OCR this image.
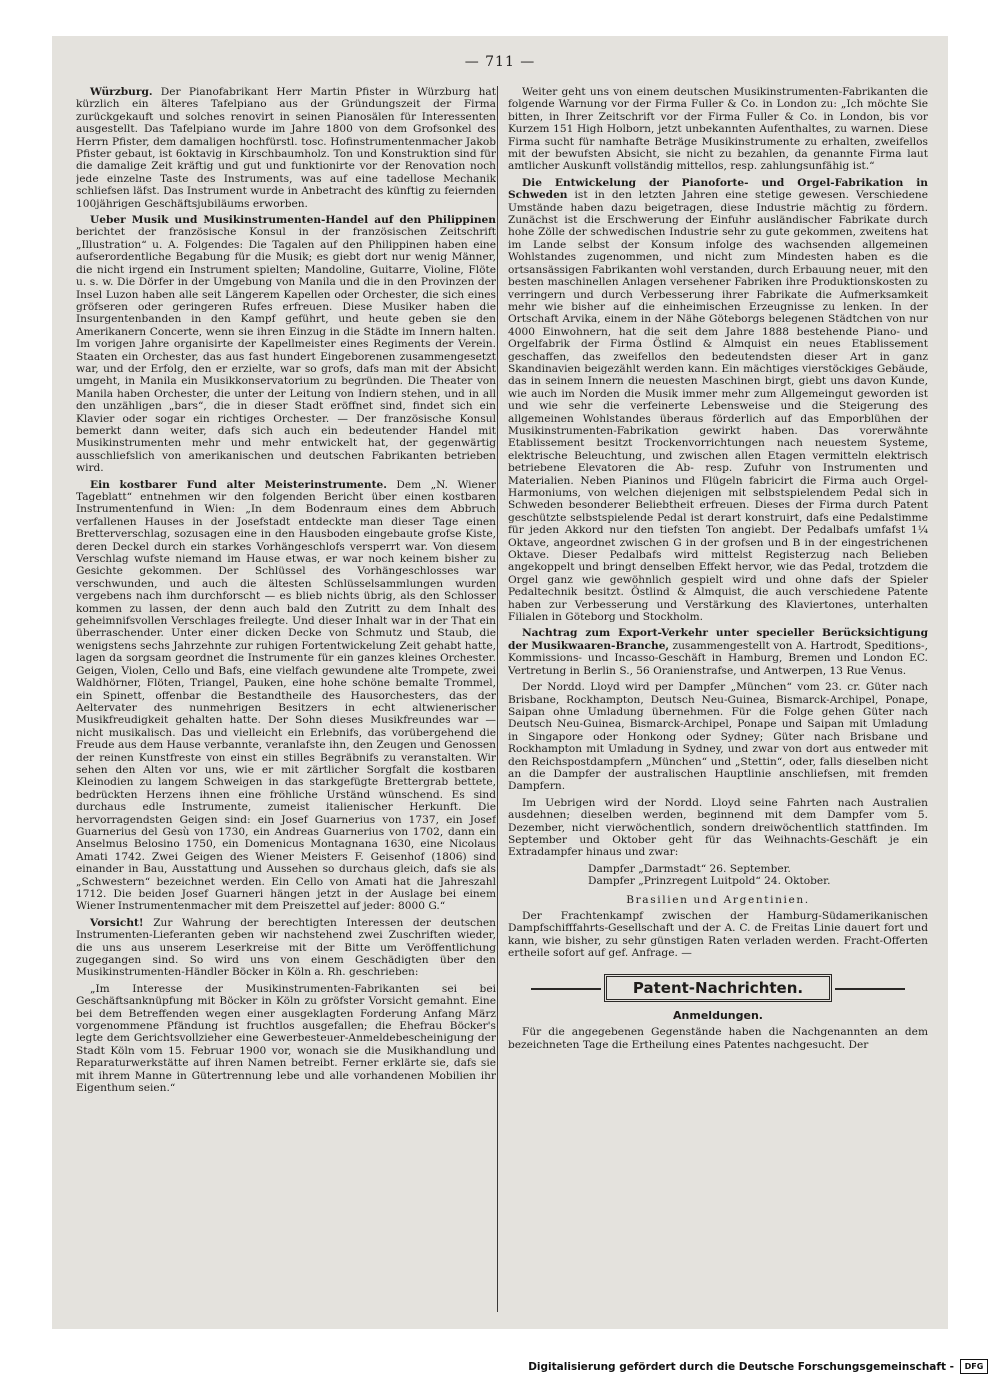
— 711 —

Würzburg. Der Pianofabrikant Herr Martin Pfister in Würzburg hat kürzlich ein älteres Tafelpiano aus der Gründungszeit der Firma zurückgekauft und solches renovirt in seinen Pianosälen für Interessenten ausgestellt. Das Tafelpiano wurde im Jahre 1800 von dem Grofsonkel des Herrn Pfister, dem damaligen hochfürstl. tosc. Hofinstrumentenmacher Jakob Pfister gebaut, ist 6oktavig in Kirschbaumholz. Ton und Konstruktion sind für die damalige Zeit kräftig und gut und funktionirte vor der Renovation noch jede einzelne Taste des Instruments, was auf eine tadellose Mechanik schliefsen läfst. Das Instrument wurde in Anbetracht des künftig zu feiernden 100jährigen Geschäftsjubiläums erworben.

Ueber Musik und Musikinstrumenten-Handel auf den Philippinen berichtet der französische Konsul in der französischen Zeitschrift „Illustration“ u. A. Folgendes: Die Tagalen auf den Philippinen haben eine aufserordentliche Begabung für die Musik; es giebt dort nur wenig Männer, die nicht irgend ein Instrument spielten; Mandoline, Guitarre, Violine, Flöte u. s. w. Die Dörfer in der Umgebung von Manila und die in den Provinzen der Insel Luzon haben alle seit Längerem Kapellen oder Orchester, die sich eines gröfseren oder geringeren Rufes erfreuen. Diese Musiker haben die Insurgentenbanden in den Kampf geführt, und heute geben sie den Amerikanern Concerte, wenn sie ihren Einzug in die Städte im Innern halten. Im vorigen Jahre organisirte der Kapellmeister eines Regiments der Verein. Staaten ein Orchester, das aus fast hundert Eingeborenen zusammengesetzt war, und der Erfolg, den er erzielte, war so grofs, dafs man mit der Absicht umgeht, in Manila ein Musikkonservatorium zu begründen. Die Theater von Manila haben Orchester, die unter der Leitung von Indiern stehen, und in all den unzähligen „bars“, die in dieser Stadt eröffnet sind, findet sich ein Klavier oder sogar ein richtiges Orchester. — Der französische Konsul bemerkt dann weiter, dafs sich auch ein bedeutender Handel mit Musikinstrumenten mehr und mehr entwickelt hat, der gegenwärtig ausschliefslich von amerikanischen und deutschen Fabrikanten betrieben wird.

Ein kostbarer Fund alter Meisterinstrumente. Dem „N. Wiener Tageblatt“ entnehmen wir den folgenden Bericht über einen kostbaren Instrumentenfund in Wien: „In dem Bodenraum eines dem Abbruch verfallenen Hauses in der Josefstadt entdeckte man dieser Tage einen Bretterverschlag, sozusagen eine in den Hausboden eingebaute grofse Kiste, deren Deckel durch ein starkes Vorhängeschlofs versperrt war. Von diesem Verschlag wufste niemand im Hause etwas, er war noch keinem bisher zu Gesichte gekommen. Der Schlüssel des Vorhängeschlosses war verschwunden, und auch die ältesten Schlüsselsammlungen wurden vergebens nach ihm durchforscht — es blieb nichts übrig, als den Schlosser kommen zu lassen, der denn auch bald den Zutritt zu dem Inhalt des geheimnifsvollen Verschlages freilegte. Und dieser Inhalt war in der That ein überraschender. Unter einer dicken Decke von Schmutz und Staub, die wenigstens sechs Jahrzehnte zur ruhigen Fortentwickelung Zeit gehabt hatte, lagen da sorgsam geordnet die Instrumente für ein ganzes kleines Orchester. Geigen, Violen, Cello und Bafs, eine vielfach gewundene alte Trompete, zwei Waldhörner, Flöten, Triangel, Pauken, eine hohe schöne bemalte Trommel, ein Spinett, offenbar die Bestandtheile des Hausorchesters, das der Aeltervater des nunmehrigen Besitzers in echt altwienerischer Musikfreudigkeit gehalten hatte. Der Sohn dieses Musikfreundes war — nicht musikalisch. Das und vielleicht ein Erlebnifs, das vorübergehend die Freude aus dem Hause verbannte, veranlafste ihn, den Zeugen und Genossen der reinen Kunstfreste von einst ein stilles Begräbnifs zu veranstalten. Wir sehen den Alten vor uns, wie er mit zärtlicher Sorgfalt die kostbaren Kleinodien zu langem Schweigen in das starkgefügte Brettergrab bettete, bedrückten Herzens ihnen eine fröhliche Urständ wünschend. Es sind durchaus edle Instrumente, zumeist italienischer Herkunft. Die hervorragendsten Geigen sind: ein Josef Guarnerius von 1737, ein Josef Guarnerius del Gesù von 1730, ein Andreas Guarnerius von 1702, dann ein Anselmus Belosino 1750, ein Domenicus Montagnana 1630, eine Nicolaus Amati 1742. Zwei Geigen des Wiener Meisters F. Geisenhof (1806) sind einander in Bau, Ausstattung und Aussehen so durchaus gleich, dafs sie als „Schwestern“ bezeichnet werden. Ein Cello von Amati hat die Jahreszahl 1712. Die beiden Josef Guarneri hängen jetzt in der Auslage bei einem Wiener Instrumentenmacher mit dem Preiszettel auf jeder: 8000 G.“

Vorsicht! Zur Wahrung der berechtigten Interessen der deutschen Instrumenten-Lieferanten geben wir nachstehend zwei Zuschriften wieder, die uns aus unserem Leserkreise mit der Bitte um Veröffentlichung zugegangen sind. So wird uns von einem Geschädigten über den Musikinstrumenten-Händler Böcker in Köln a. Rh. geschrieben:

„Im Interesse der Musikinstrumenten-Fabrikanten sei bei Geschäftsanknüpfung mit Böcker in Köln zu gröfster Vorsicht gemahnt. Eine bei dem Betreffenden wegen einer ausgeklagten Forderung Anfang März vorgenommene Pfändung ist fruchtlos ausgefallen; die Ehefrau Böcker's legte dem Gerichtsvollzieher eine Gewerbesteuer-Anmeldebescheinigung der Stadt Köln vom 15. Februar 1900 vor, wonach sie die Musikhandlung und Reparaturwerkstätte auf ihren Namen betreibt. Ferner erklärte sie, dafs sie mit ihrem Manne in Gütertrennung lebe und alle vorhandenen Mobilien ihr Eigenthum seien.“

Weiter geht uns von einem deutschen Musikinstrumenten-Fabrikanten die folgende Warnung vor der Firma Fuller & Co. in London zu: „Ich möchte Sie bitten, in Ihrer Zeitschrift vor der Firma Fuller & Co. in London, bis vor Kurzem 151 High Holborn, jetzt unbekannten Aufenthaltes, zu warnen. Diese Firma sucht für namhafte Beträge Musikinstrumente zu erhalten, zweifellos mit der bewufsten Absicht, sie nicht zu bezahlen, da genannte Firma laut amtlicher Auskunft vollständig mittellos, resp. zahlungsunfähig ist.“

Die Entwickelung der Pianoforte- und Orgel-Fabrikation in Schweden ist in den letzten Jahren eine stetige gewesen. Verschiedene Umstände haben dazu beigetragen, diese Industrie mächtig zu fördern. Zunächst ist die Erschwerung der Einfuhr ausländischer Fabrikate durch hohe Zölle der schwedischen Industrie sehr zu gute gekommen, zweitens hat im Lande selbst der Konsum infolge des wachsenden allgemeinen Wohlstandes zugenommen, und nicht zum Mindesten haben es die ortsansässigen Fabrikanten wohl verstanden, durch Erbauung neuer, mit den besten maschinellen Anlagen versehener Fabriken ihre Produktionskosten zu verringern und durch Verbesserung ihrer Fabrikate die Aufmerksamkeit mehr wie bisher auf die einheimischen Erzeugnisse zu lenken. In der Ortschaft Arvika, einem in der Nähe Göteborgs belegenen Städtchen von nur 4000 Einwohnern, hat die seit dem Jahre 1888 bestehende Piano- und Orgelfabrik der Firma Östlind & Almquist ein neues Etablissement geschaffen, das zweifellos den bedeutendsten dieser Art in ganz Skandinavien beigezählt werden kann. Ein mächtiges vierstöckiges Gebäude, das in seinem Innern die neuesten Maschinen birgt, giebt uns davon Kunde, wie auch im Norden die Musik immer mehr zum Allgemeingut geworden ist und wie sehr die verfeinerte Lebensweise und die Steigerung des allgemeinen Wohlstandes überaus förderlich auf das Emporblühen der Musikinstrumenten-Fabrikation gewirkt haben. Das vorerwähnte Etablissement besitzt Trockenvorrichtungen nach neuestem Systeme, elektrische Beleuchtung, und zwischen allen Etagen vermitteln elektrisch betriebene Elevatoren die Ab- resp. Zufuhr von Instrumenten und Materialien. Neben Pianinos und Flügeln fabricirt die Firma auch Orgel-Harmoniums, von welchen diejenigen mit selbstspielendem Pedal sich in Schweden besonderer Beliebtheit erfreuen. Dieses der Firma durch Patent geschützte selbstspielende Pedal ist derart konstruirt, dafs eine Pedalstimme für jeden Akkord nur den tiefsten Ton angiebt. Der Pedalbafs umfafst 1¼ Oktave, angeordnet zwischen G in der grofsen und B in der eingestrichenen Oktave. Dieser Pedalbafs wird mittelst Registerzug nach Belieben angekoppelt und bringt denselben Effekt hervor, wie das Pedal, trotzdem die Orgel ganz wie gewöhnlich gespielt wird und ohne dafs der Spieler Pedaltechnik besitzt. Östlind & Almquist, die auch verschiedene Patente haben zur Verbesserung und Verstärkung des Klaviertones, unterhalten Filialen in Göteborg und Stockholm.

Nachtrag zum Export-Verkehr unter specieller Berücksichtigung der Musikwaaren-Branche, zusammengestellt von A. Hartrodt, Speditions-, Kommissions- und Incasso-Geschäft in Hamburg, Bremen und London EC. Vertretung in Berlin S., 56 Oranienstrafse, und Antwerpen, 13 Rue Venus.

Der Nordd. Lloyd wird per Dampfer „München“ vom 23. cr. Güter nach Brisbane, Rockhampton, Deutsch Neu-Guinea, Bismarck-Archipel, Ponape, Saipan ohne Umladung übernehmen. Für die Folge gehen Güter nach Deutsch Neu-Guinea, Bismarck-Archipel, Ponape und Saipan mit Umladung in Singapore oder Honkong oder Sydney; Güter nach Brisbane und Rockhampton mit Umladung in Sydney, und zwar von dort aus entweder mit den Reichspostdampfern „München“ und „Stettin“, oder, falls dieselben nicht an die Dampfer der australischen Hauptlinie anschliefsen, mit fremden Dampfern.

Im Uebrigen wird der Nordd. Lloyd seine Fahrten nach Australien ausdehnen; dieselben werden, beginnend mit dem Dampfer vom 5. Dezember, nicht vierwöchentlich, sondern dreiwöchentlich stattfinden. Im September und Oktober geht für das Weihnachts-Geschäft je ein Extradampfer hinaus und zwar:

Dampfer „Darmstadt“ 26. September.

Dampfer „Prinzregent Luitpold“ 24. Oktober.

Brasilien und Argentinien.

Der Frachtenkampf zwischen der Hamburg-Südamerikanischen Dampfschifffahrts-Gesellschaft und der A. C. de Freitas Linie dauert fort und kann, wie bisher, zu sehr günstigen Raten verladen werden. Fracht-Offerten ertheile sofort auf gef. Anfrage. —

Patent-Nachrichten.
Anmeldungen.

Für die angegebenen Gegenstände haben die Nachgenannten an dem bezeichneten Tage die Ertheilung eines Patentes nachgesucht. Der

Digitalisierung gefördert durch die Deutsche Forschungsgemeinschaft -	DFG
